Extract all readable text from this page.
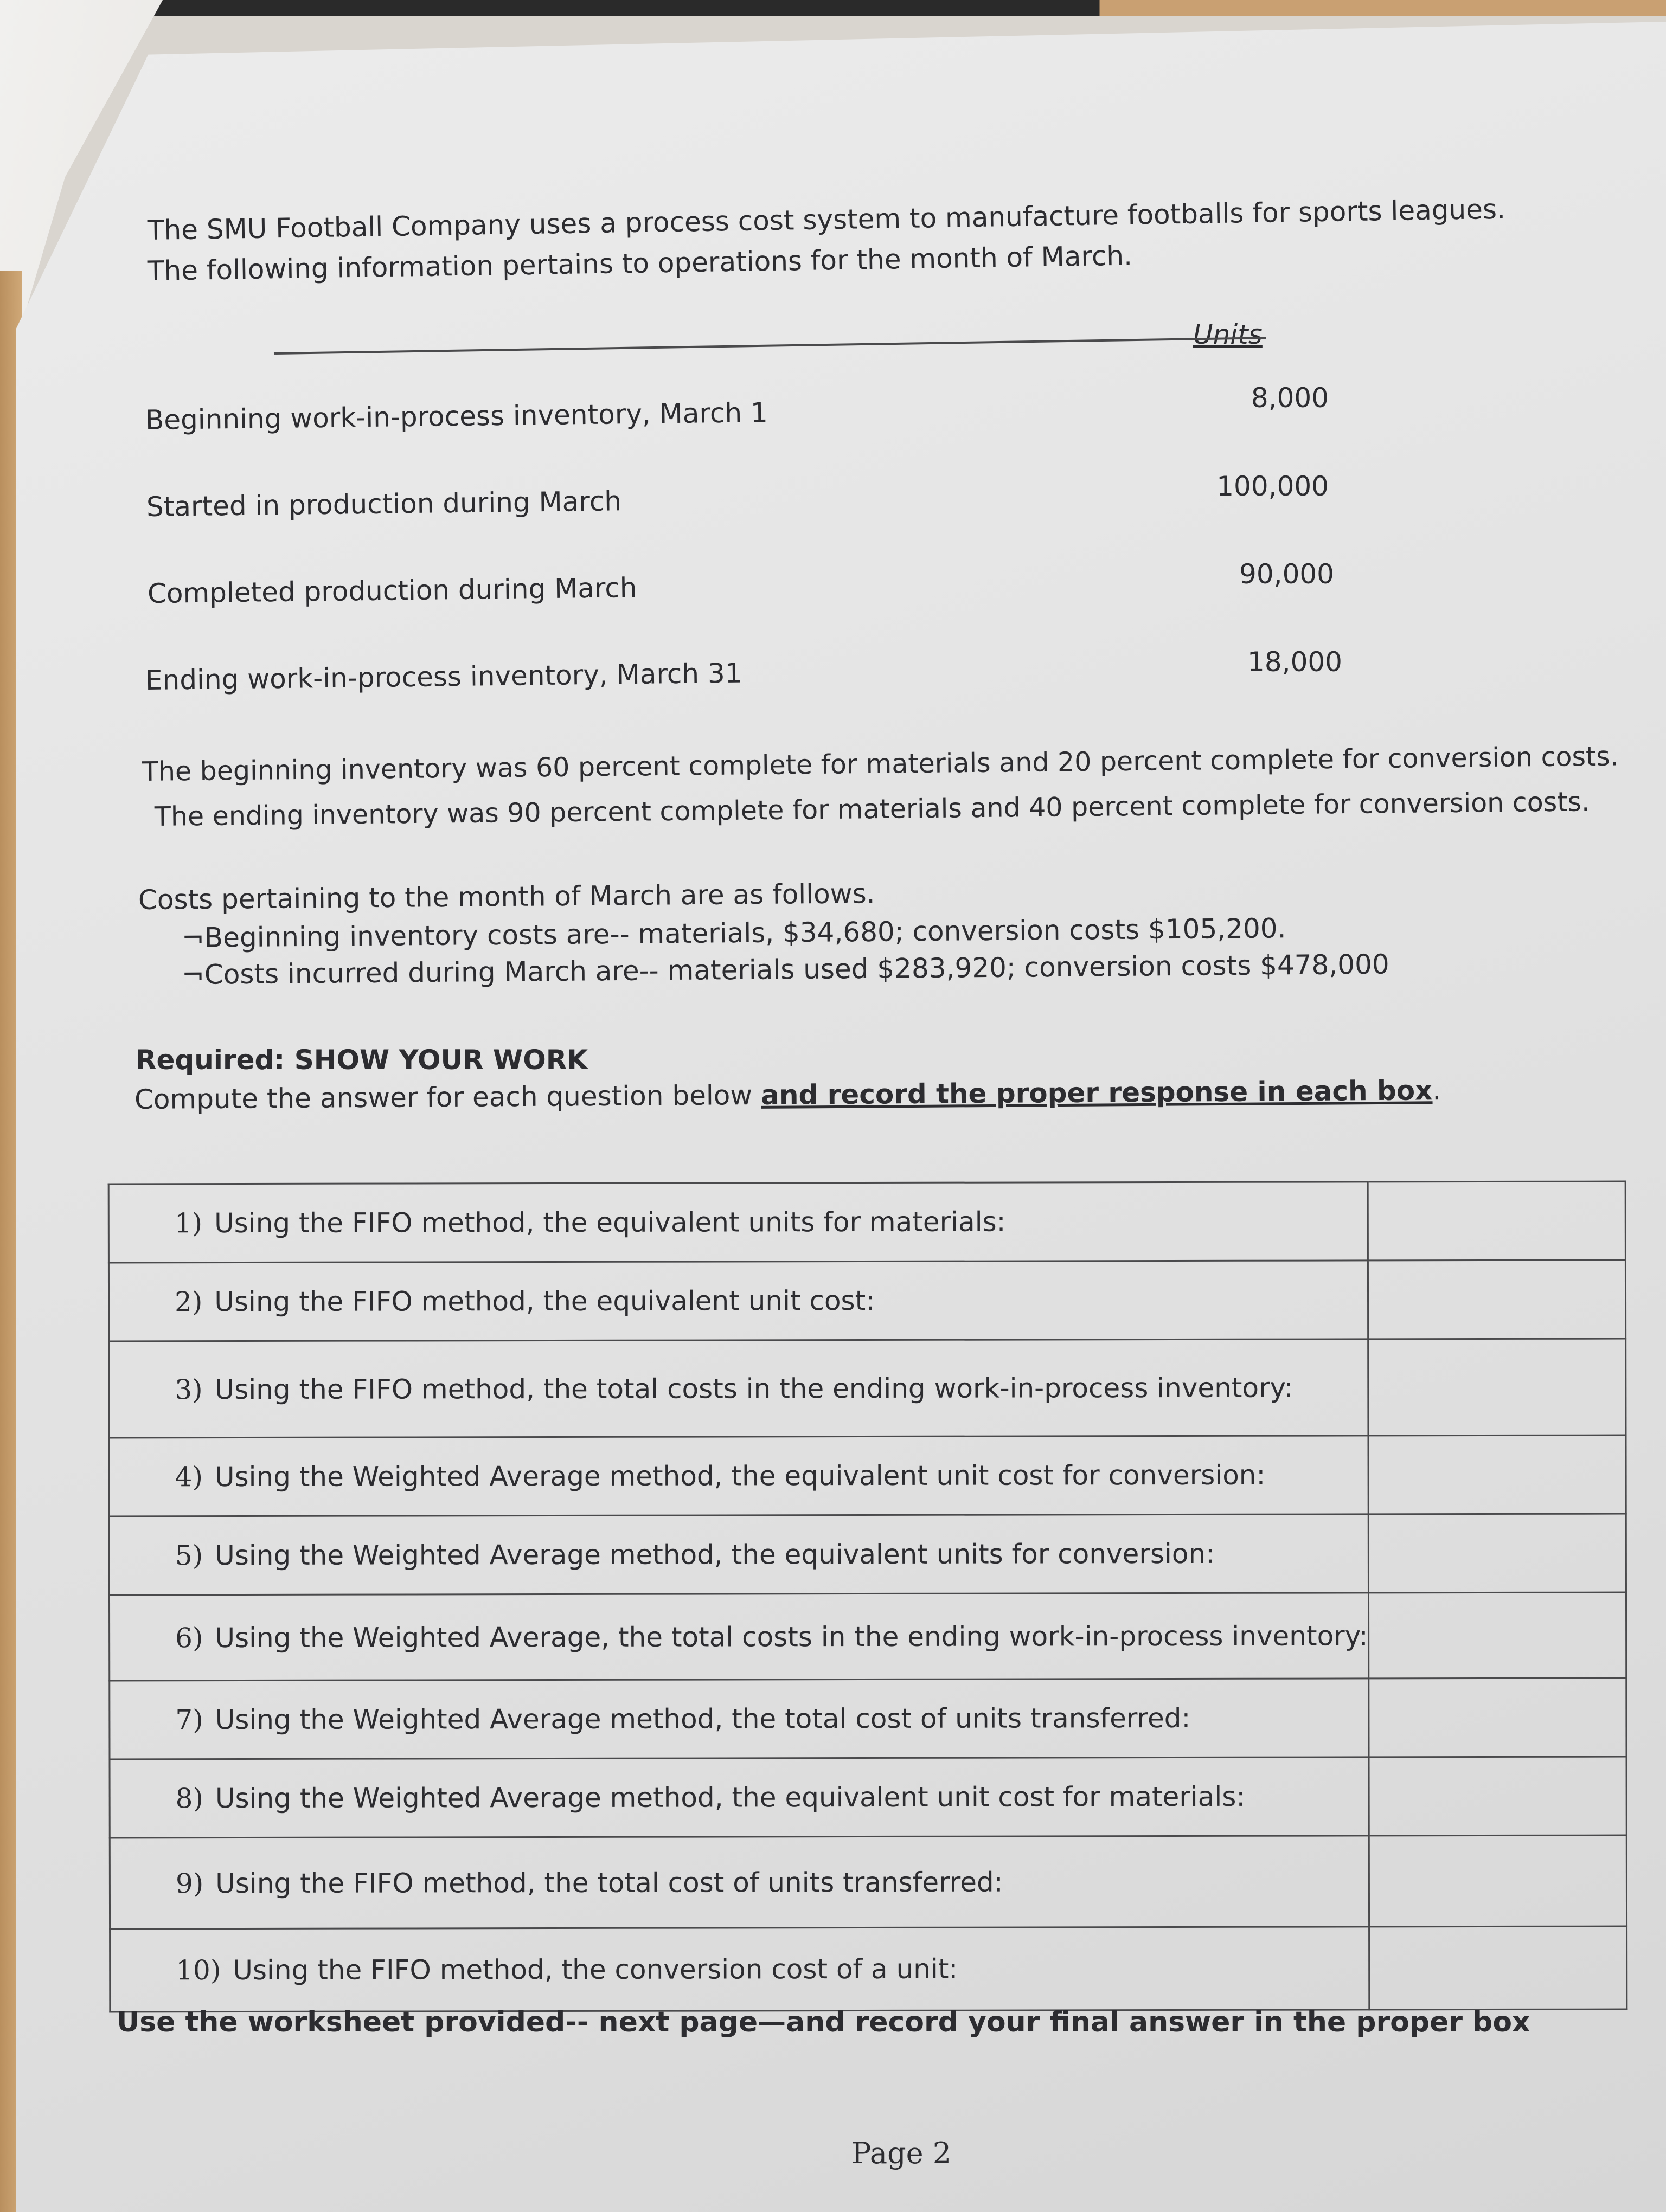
The SMU Football Company uses a process cost system to manufacture footballs for sports leagues.
The following information pertains to operations for the month of March.
Units
Beginning work-in-process inventory, March 1	8,000
Started in production during March	100,000
Completed production during March	90,000
Ending work-in-process inventory, March 31	18,000
The beginning inventory was 60 percent complete for materials and 20 percent complete for conversion costs.
The ending inventory was 90 percent complete for materials and 40 percent complete for conversion costs.
Costs pertaining to the month of March are as follows.
¬Beginning inventory costs are-- materials, $34,680; conversion costs $105,200.
¬Costs incurred during March are-- materials used $283,920; conversion costs $478,000
Required: SHOW YOUR WORK
Compute the answer for each question below and record the proper response in each box.
1) Using the FIFO method, the equivalent units for materials:	
2) Using the FIFO method, the equivalent unit cost:	
3) Using the FIFO method, the total costs in the ending work-in-process inventory:	
4) Using the Weighted Average method, the equivalent unit cost for conversion:	
5) Using the Weighted Average method, the equivalent units for conversion:	
6) Using the Weighted Average, the total costs in the ending work-in-process inventory:	
7) Using the Weighted Average method, the total cost of units transferred:	
8) Using the Weighted Average method, the equivalent unit cost for materials:	
9) Using the FIFO method, the total cost of units transferred:	
10) Using the FIFO method, the conversion cost of a unit:	
Use the worksheet provided-- next page—and record your final answer in the proper box
Page 2
